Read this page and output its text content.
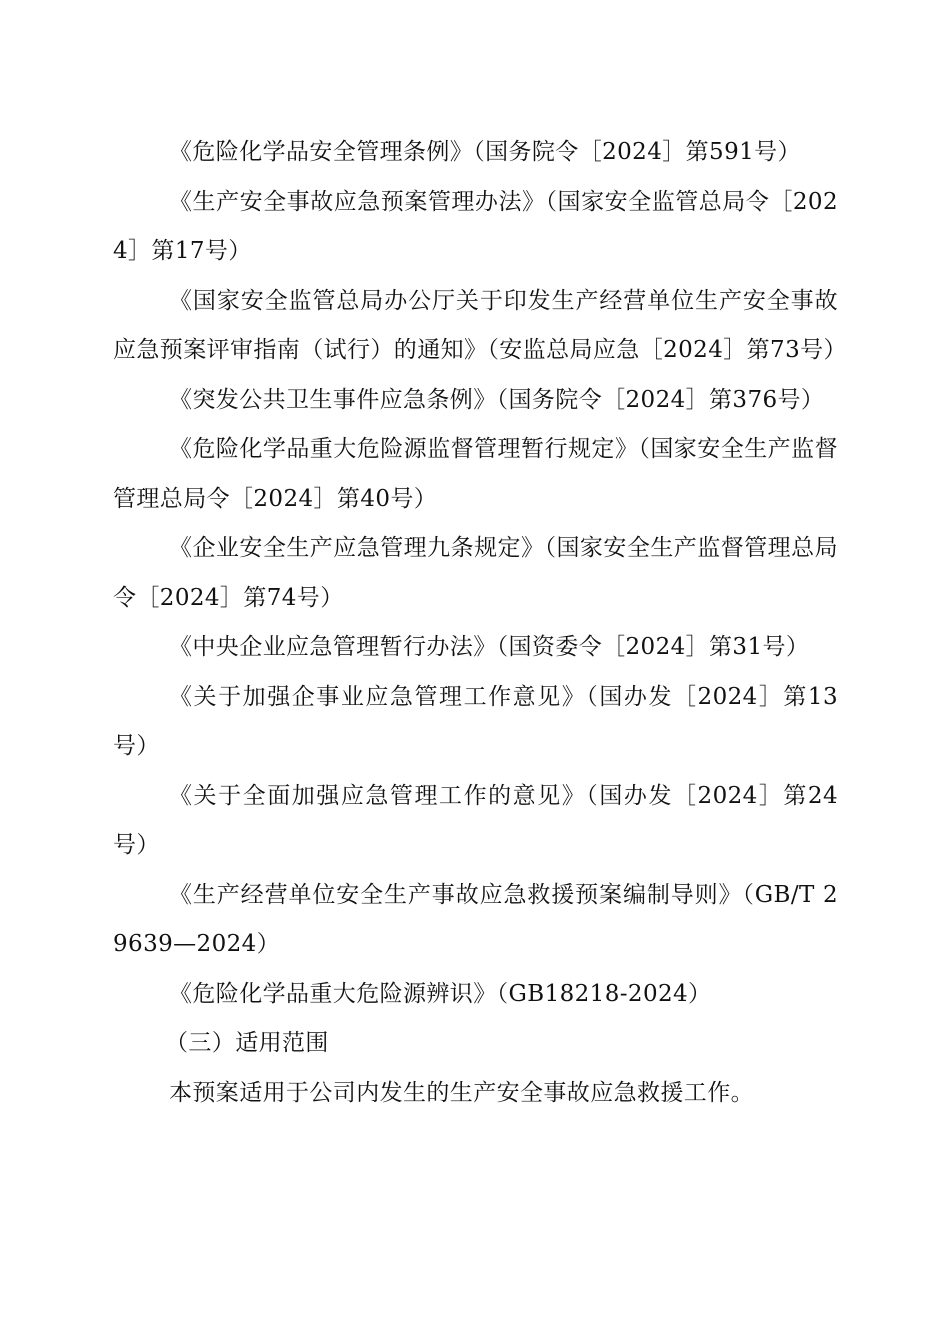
《危险化学品安全管理条例》（国务院令［2024］第591号）

《生产安全事故应急预案管理办法》（国家安全监管总局令［2024］第17号）

《国家安全监管总局办公厅关于印发生产经营单位生产安全事故应急预案评审指南（试行）的通知》（安监总局应急［2024］第73号）

《突发公共卫生事件应急条例》（国务院令［2024］第376号）

《危险化学品重大危险源监督管理暂行规定》（国家安全生产监督管理总局令［2024］第40号）

《企业安全生产应急管理九条规定》（国家安全生产监督管理总局令［2024］第74号）

《中央企业应急管理暂行办法》（国资委令［2024］第31号）

《关于加强企事业应急管理工作意见》（国办发［2024］第13号）

《关于全面加强应急管理工作的意见》（国办发［2024］第24号）

《生产经营单位安全生产事故应急救援预案编制导则》（GB/T 29639—2024）

《危险化学品重大危险源辨识》（GB18218-2024）

（三）适用范围

本预案适用于公司内发生的生产安全事故应急救援工作。
